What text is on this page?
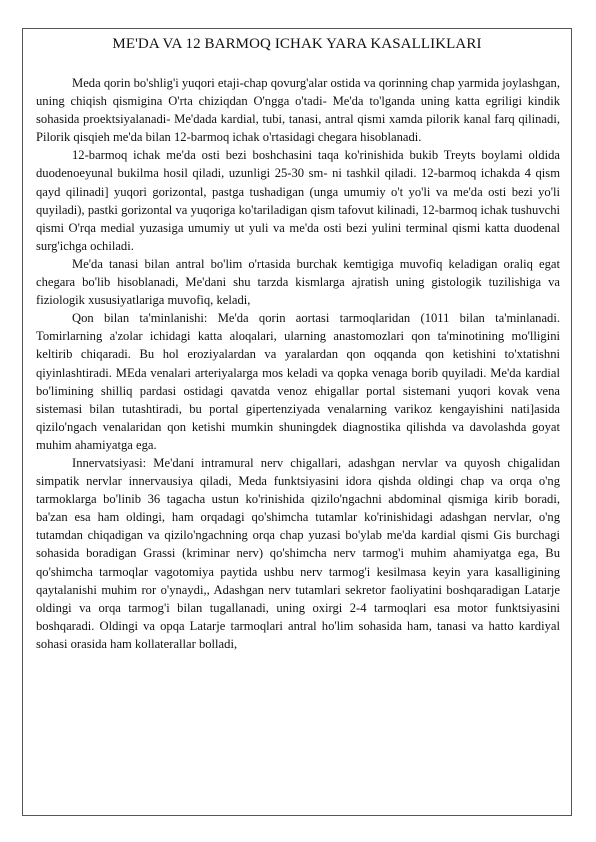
ME'DA VA 12 BARMOQ ICHAK YARA KASALLIKLARI

Meda qorin bo'shlig'i yuqori etaji-chap qovurg'alar ostida va qorinning chap yarmida joylashgan, uning chiqish qismigina O'rta chiziqdan O'ngga o'tadi- Me'da to'lganda uning katta egriligi kindik sohasida proektsiyalanadi- Me'dada kardial, tubi, tanasi, antral qismi xamda pilorik kanal farq qilinadi, Pilorik qisqieh me'da bilan 12-barmoq ichak o'rtasidagi chegara hisoblanadi.

12-barmoq ichak me'da osti bezi boshchasini taqa ko'rinishida bukib Treyts boylami oldida duodenoeyunal bukilma hosil qiladi, uzunligi 25-30 sm- ni tashkil qiladi. 12-barmoq ichakda 4 qism qayd qilinadi] yuqori gorizontal, pastga tushadigan (unga umumiy o't yo'li va me'da osti bezi yo'li quyiladi), pastki gorizontal va yuqoriga ko'tariladigan qism tafovut kilinadi, 12-barmoq ichak tushuvchi qismi O'rqa medial yuzasiga umumiy ut yuli va me'da osti bezi yulini terminal qismi katta duodenal surg'ichga ochiladi.

Me'da tanasi bilan antral bo'lim o'rtasida burchak kemtigiga muvofiq keladigan oraliq egat chegara bo'lib hisoblanadi, Me'dani shu tarzda kismlarga ajratish uning gistologik tuzilishiga va fiziologik xususiyatlariga muvofiq, keladi,

Qon bilan ta'minlanishi: Me'da qorin aortasi tarmoqlaridan (1011 bilan ta'minlanadi. Tomirlarning a'zolar ichidagi katta aloqalari, ularning anastomozlari qon ta'minotining mo'lligini keltirib chiqaradi. Bu hol eroziyalardan va yaralardan qon oqqanda qon ketishini to'xtatishni qiyinlashtiradi. MEda venalari arteriyalarga mos keladi va qopka venaga borib quyiladi. Me'da kardial bo'limining shilliq pardasi ostidagi qavatda venoz ehigallar portal sistemani yuqori kovak vena sistemasi bilan tutashtiradi, bu portal gipertenziyada venalarning varikoz kengayishini nati]asida qizilo'ngach venalaridan qon ketishi mumkin shuningdek diagnostika qilishda va davolashda goyat muhim ahamiyatga ega.

Innervatsiyasi: Me'dani intramural nerv chigallari, adashgan nervlar va quyosh chigalidan simpatik nervlar innervausiya qiladi, Meda funktsiyasini idora qishda oldingi chap va orqa o'ng tarmoklarga bo'linib 36 tagacha ustun ko'rinishida qizilo'ngachni abdominal qismiga kirib boradi, ba'zan esa ham oldingi, ham orqadagi qo'shimcha tutamlar ko'rinishidagi adashgan nervlar, o'ng tutamdan chiqadigan va qizilo'ngachning orqa chap yuzasi bo'ylab me'da kardial qismi Gis burchagi sohasida boradigan Grassi (kriminar nerv) qo'shimcha nerv tarmog'i muhim ahamiyatga ega, Bu qo'shimcha tarmoqlar vagotomiya paytida ushbu nerv tarmog'i kesilmasa keyin yara kasalligining qaytalanishi muhim ror o'ynaydi,, Adashgan nerv tutamlari sekretor faoliyatini boshqaradigan Latarje oldingi va orqa tarmog'i bilan tugallanadi, uning oxirgi 2-4 tarmoqlari esa motor funktsiyasini boshqaradi. Oldingi va opqa Latarje tarmoqlari antral ho'lim sohasida ham, tanasi va hatto kardiyal sohasi orasida ham kollaterallar bolladi,
